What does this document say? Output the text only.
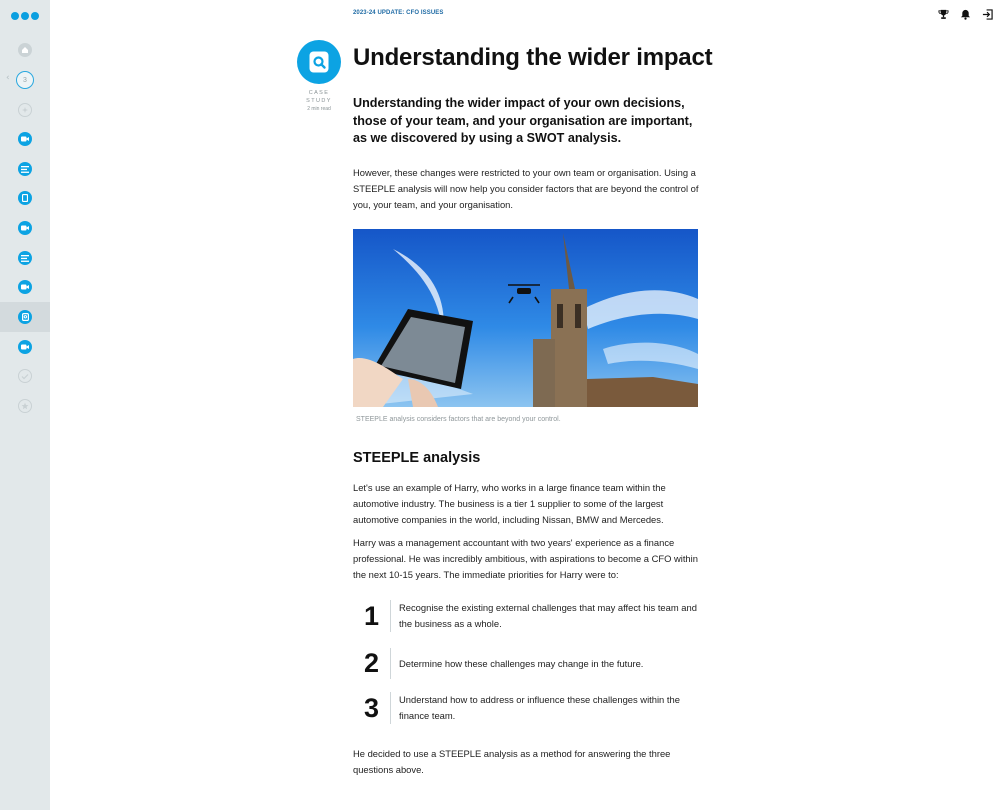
‹ 3
2023-24 UPDATE: CFO ISSUES
CASE STUDY
2 min read
Understanding the wider impact

Understanding the wider impact of your own decisions, those of your team, and your organisation are important, as we discovered by using a SWOT analysis.

However, these changes were restricted to your own team or organisation. Using a STEEPLE analysis will now help you consider factors that are beyond the control of you, your team, and your organisation.

STEEPLE analysis considers factors that are beyond your control.
STEEPLE analysis

Let's use an example of Harry, who works in a large finance team within the automotive industry. The business is a tier 1 supplier to some of the largest automotive companies in the world, including Nissan, BMW and Mercedes.

Harry was a management accountant with two years' experience as a finance professional. He was incredibly ambitious, with aspirations to become a CFO within the next 10-15 years. The immediate priorities for Harry were to:

1	Recognise the existing external challenges that may affect his team and the business as a whole.
2	Determine how these challenges may change in the future.
3	Understand how to address or influence these challenges within the finance team.

He decided to use a STEEPLE analysis as a method for answering the three questions above.
